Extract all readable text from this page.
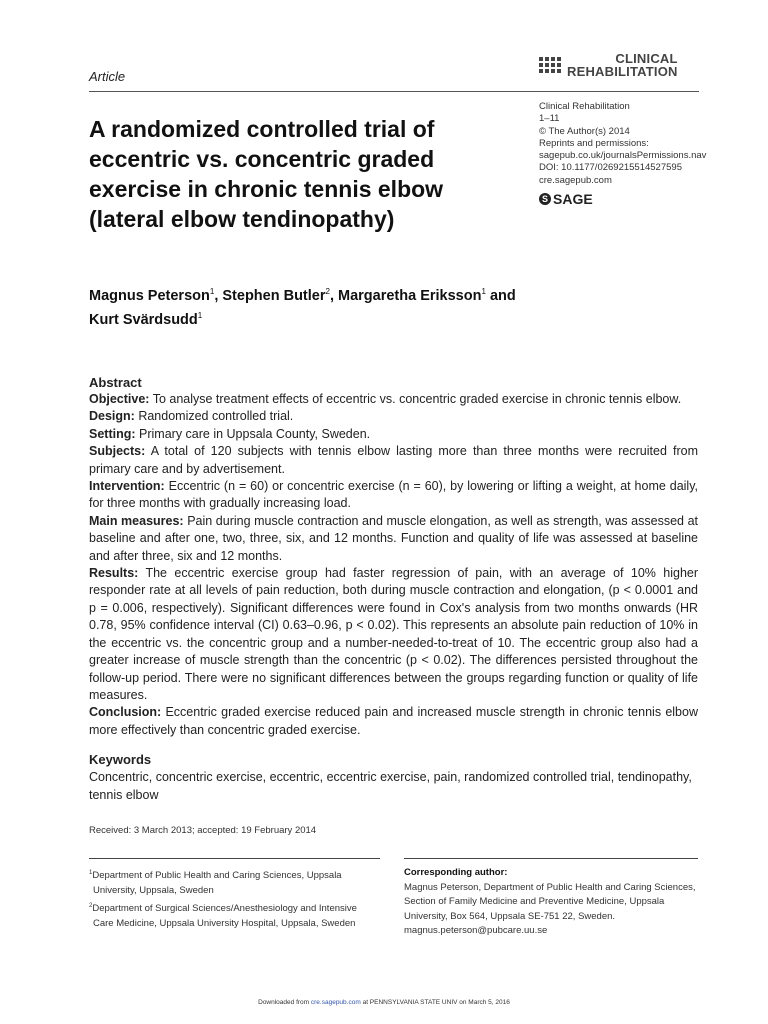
Article
CLINICAL
REHABILITATION
A randomized controlled trial of eccentric vs. concentric graded exercise in chronic tennis elbow (lateral elbow tendinopathy)
Clinical Rehabilitation
1–11
© The Author(s) 2014
Reprints and permissions:
sagepub.co.uk/journalsPermissions.nav
DOI: 10.1177/0269215514527595
cre.sagepub.com
S SAGE
Magnus Peterson$^1$, Stephen Butler$^2$, Margaretha Eriksson$^1$ and Kurt Svärdsudd$^1$
Abstract

Objective: To analyse treatment effects of eccentric vs. concentric graded exercise in chronic tennis elbow.

Design: Randomized controlled trial.

Setting: Primary care in Uppsala County, Sweden.

Subjects: A total of 120 subjects with tennis elbow lasting more than three months were recruited from primary care and by advertisement.

Intervention: Eccentric (n = 60) or concentric exercise (n = 60), by lowering or lifting a weight, at home daily, for three months with gradually increasing load.

Main measures: Pain during muscle contraction and muscle elongation, as well as strength, was assessed at baseline and after one, two, three, six, and 12 months. Function and quality of life was assessed at baseline and after three, six and 12 months.

Results: The eccentric exercise group had faster regression of pain, with an average of 10% higher responder rate at all levels of pain reduction, both during muscle contraction and elongation, (p < 0.0001 and p = 0.006, respectively). Significant differences were found in Cox's analysis from two months onwards (HR 0.78, 95% confidence interval (CI) 0.63–0.96, p < 0.02). This represents an absolute pain reduction of 10% in the eccentric vs. the concentric group and a number-needed-to-treat of 10. The eccentric group also had a greater increase of muscle strength than the concentric (p < 0.02). The differences persisted throughout the follow-up period. There were no significant differences between the groups regarding function or quality of life measures.

Conclusion: Eccentric graded exercise reduced pain and increased muscle strength in chronic tennis elbow more effectively than concentric graded exercise.

Keywords

Concentric, concentric exercise, eccentric, eccentric exercise, pain, randomized controlled trial, tendinopathy, tennis elbow

Received: 3 March 2013; accepted: 19 February 2014
$^1$Department of Public Health and Caring Sciences, Uppsala University, Uppsala, Sweden
$^2$Department of Surgical Sciences/Anesthesiology and Intensive Care Medicine, Uppsala University Hospital, Uppsala, Sweden
Corresponding author:
Magnus Peterson, Department of Public Health and Caring Sciences, Section of Family Medicine and Preventive Medicine, Uppsala University, Box 564, Uppsala SE-751 22, Sweden.
magnus.peterson@pubcare.uu.se
Downloaded from cre.sagepub.com at PENNSYLVANIA STATE UNIV on March 5, 2016
